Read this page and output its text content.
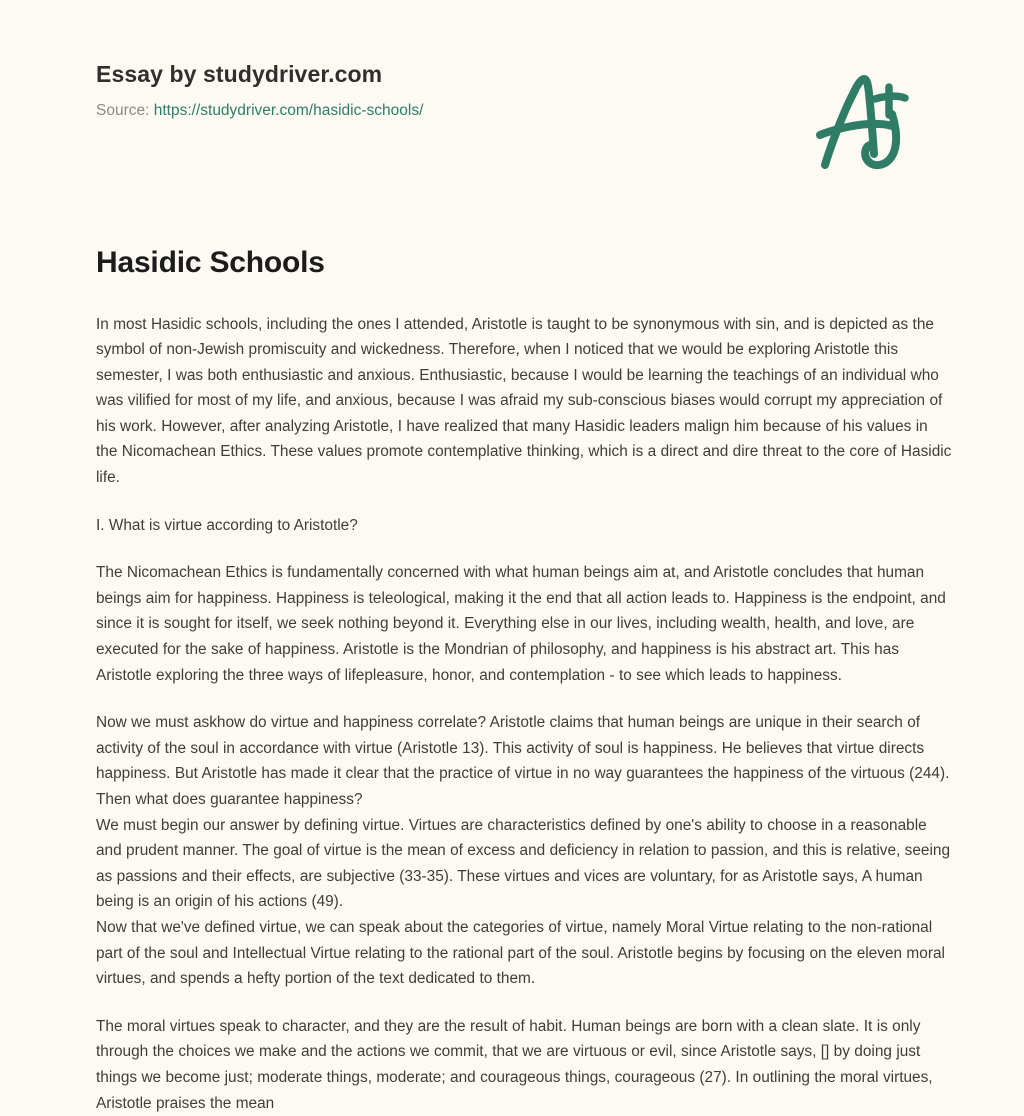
Essay by studydriver.com
Source: https://studydriver.com/hasidic-schools/
Hasidic Schools

In most Hasidic schools, including the ones I attended, Aristotle is taught to be synonymous with sin, and is depicted as the symbol of non-Jewish promiscuity and wickedness. Therefore, when I noticed that we would be exploring Aristotle this semester, I was both enthusiastic and anxious. Enthusiastic, because I would be learning the teachings of an individual who was vilified for most of my life, and anxious, because I was afraid my sub-conscious biases would corrupt my appreciation of his work. However, after analyzing Aristotle, I have realized that many Hasidic leaders malign him because of his values in the Nicomachean Ethics. These values promote contemplative thinking, which is a direct and dire threat to the core of Hasidic life.

I. What is virtue according to Aristotle?

The Nicomachean Ethics is fundamentally concerned with what human beings aim at, and Aristotle concludes that human beings aim for happiness. Happiness is teleological, making it the end that all action leads to. Happiness is the endpoint, and since it is sought for itself, we seek nothing beyond it. Everything else in our lives, including wealth, health, and love, are executed for the sake of happiness. Aristotle is the Mondrian of philosophy, and happiness is his abstract art. This has Aristotle exploring the three ways of lifepleasure, honor, and contemplation - to see which leads to happiness.

Now we must askhow do virtue and happiness correlate? Aristotle claims that human beings are unique in their search of activity of the soul in accordance with virtue (Aristotle 13). This activity of soul is happiness. He believes that virtue directs happiness. But Aristotle has made it clear that the practice of virtue in no way guarantees the happiness of the virtuous (244). Then what does guarantee happiness?

We must begin our answer by defining virtue. Virtues are characteristics defined by one's ability to choose in a reasonable and prudent manner. The goal of virtue is the mean of excess and deficiency in relation to passion, and this is relative, seeing as passions and their effects, are subjective (33-35). These virtues and vices are voluntary, for as Aristotle says, A human being is an origin of his actions (49).

Now that we've defined virtue, we can speak about the categories of virtue, namely Moral Virtue relating to the non-rational part of the soul and Intellectual Virtue relating to the rational part of the soul. Aristotle begins by focusing on the eleven moral virtues, and spends a hefty portion of the text dedicated to them.

The moral virtues speak to character, and they are the result of habit. Human beings are born with a clean slate. It is only through the choices we make and the actions we commit, that we are virtuous or evil, since Aristotle says, [] by doing just things we become just; moderate things, moderate; and courageous things, courageous (27). In outlining the moral virtues, Aristotle praises the mean
